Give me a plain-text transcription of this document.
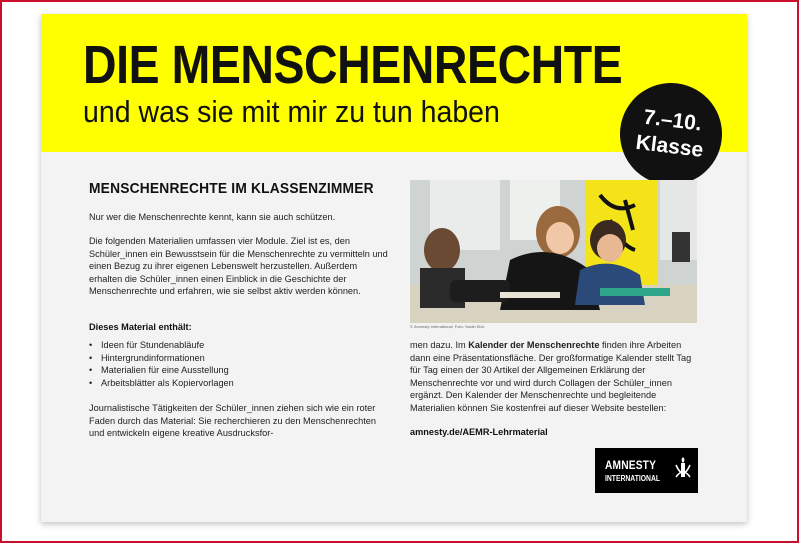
DIE MENSCHENRECHTE
und was sie mit mir zu tun haben	7.–10.
Klasse
MENSCHENRECHTE IM KLASSENZIMMER
Nur wer die Menschenrechte kennt, kann sie auch schützen.
Die folgenden Materialien umfassen vier Module. Ziel ist es, den Schüler_innen ein Bewusstsein für die Menschenrechte zu vermitteln und einen Bezug zu ihrer eigenen Lebenswelt herzustellen. Außerdem erhalten die Schüler_innen einen Einblick in die Geschichte der Menschenrechte und erfahren, wie sie selbst aktiv werden können.
Dieses Material enthält:
• Ideen für Stundenabläufe
• Hintergrundinformationen
• Materialien für eine Ausstellung
• Arbeitsblätter als Kopiervorlagen
Journalistische Tätigkeiten der Schüler_innen ziehen sich wie ein roter Faden durch das Material: Sie recherchieren zu den Menschenrechten und entwickeln eigene kreative Ausdrucksfor-
© Amnesty International, Foto: Sarah Eick
men dazu. Im Kalender der Menschenrechte finden ihre Arbeiten dann eine Präsentationsfläche. Der großformatige Kalender stellt Tag für Tag einen der 30 Artikel der Allgemeinen Erklärung der Menschenrechte vor und wird durch Collagen der Schüler_innen ergänzt. Den Kalender der Menschenrechte und begleitende Materialien können Sie kostenfrei auf dieser Website bestellen:
amnesty.de/AEMR-Lehrmaterial
AMNESTY
INTERNATIONAL
